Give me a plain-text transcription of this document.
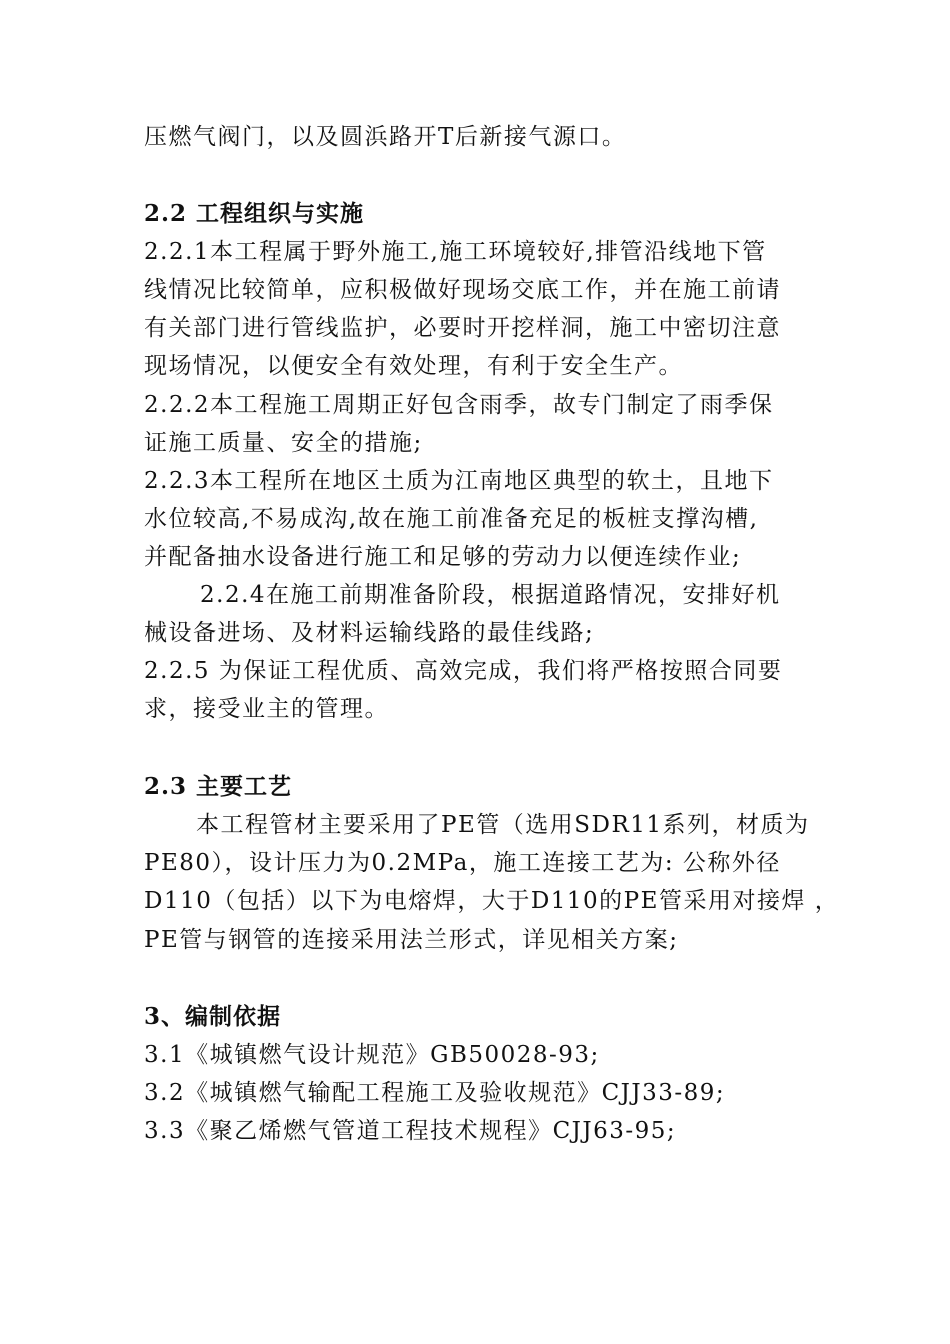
压燃气阀门，以及圆浜路开T后新接气源口。
2.2 工程组织与实施
2.2.1本工程属于野外施工,施工环境较好,排管沿线地下管
线情况比较简单，应积极做好现场交底工作，并在施工前请
有关部门进行管线监护，必要时开挖样洞，施工中密切注意
现场情况，以便安全有效处理，有利于安全生产。
2.2.2本工程施工周期正好包含雨季，故专门制定了雨季保
证施工质量、安全的措施;
2.2.3本工程所在地区土质为江南地区典型的软土，且地下
水位较高,不易成沟,故在施工前准备充足的板桩支撑沟槽,
并配备抽水设备进行施工和足够的劳动力以便连续作业;
2.2.4在施工前期准备阶段，根据道路情况，安排好机
械设备进场、及材料运输线路的最佳线路;
2.2.5 为保证工程优质、高效完成，我们将严格按照合同要
求，接受业主的管理。
2.3 主要工艺
本工程管材主要采用了PE管（选用SDR11系列，材质为
PE80），设计压力为0.2MPa，施工连接工艺为: 公称外径
D110（包括）以下为电熔焊，大于D110的PE管采用对接焊 ，
PE管与钢管的连接采用法兰形式，详见相关方案;
3、编制依据
3.1《城镇燃气设计规范》GB50028-93;
3.2《城镇燃气输配工程施工及验收规范》CJJ33-89;
3.3《聚乙烯燃气管道工程技术规程》CJJ63-95;
